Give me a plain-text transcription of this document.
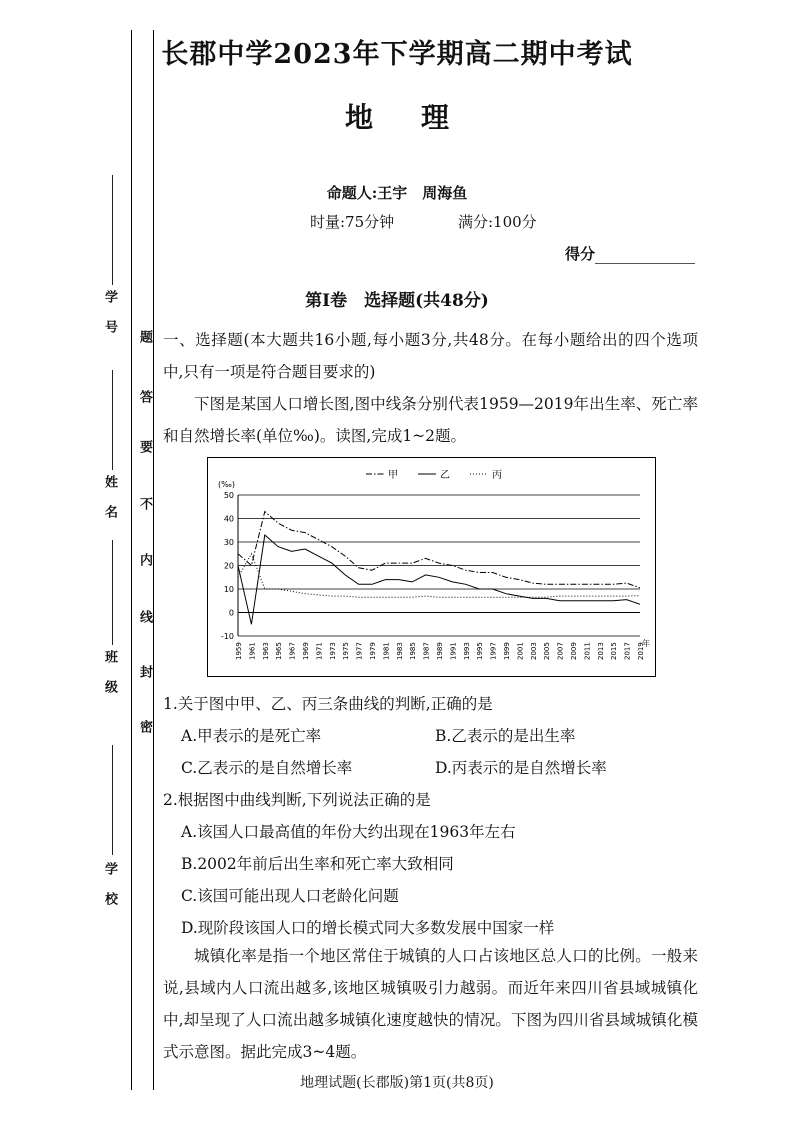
学　号
姓　名
班　级
学　校
题
答
要
不
内
线
封
密
长郡中学2023年下学期高二期中考试
地理
命题人:王宇　周海鱼
时量:75分钟	满分:100分
得分
第Ⅰ卷　选择题(共48分)
一、选择题(本大题共16小题,每小题3分,共48分。在每小题给出的四个选项中,只有一项是符合题目要求的)
下图是某国人口增长图,图中线条分别代表1959—2019年出生率、死亡率和自然增长率(单位‰)。读图,完成1~2题。
-10
0
10
20
30
40
50
(‰)
1959 1961 1963 1965 1967 1969 1971 1973 1975 1977 1979 1981 1983 1985 1987 1989 1991 1993 1995 1997 1999 2001 2003 2005 2007 2009 2011 2013 2015 2017 2019
年
甲	乙	丙
1.关于图中甲、乙、丙三条曲线的判断,正确的是
A.甲表示的是死亡率	B.乙表示的是出生率
C.乙表示的是自然增长率	D.丙表示的是自然增长率
2.根据图中曲线判断,下列说法正确的是
A.该国人口最高值的年份大约出现在1963年左右
B.2002年前后出生率和死亡率大致相同
C.该国可能出现人口老龄化问题
D.现阶段该国人口的增长模式同大多数发展中国家一样
城镇化率是指一个地区常住于城镇的人口占该地区总人口的比例。一般来说,县域内人口流出越多,该地区城镇吸引力越弱。而近年来四川省县域城镇化中,却呈现了人口流出越多城镇化速度越快的情况。下图为四川省县域城镇化模式示意图。据此完成3~4题。
地理试题(长郡版)第1页(共8页)
